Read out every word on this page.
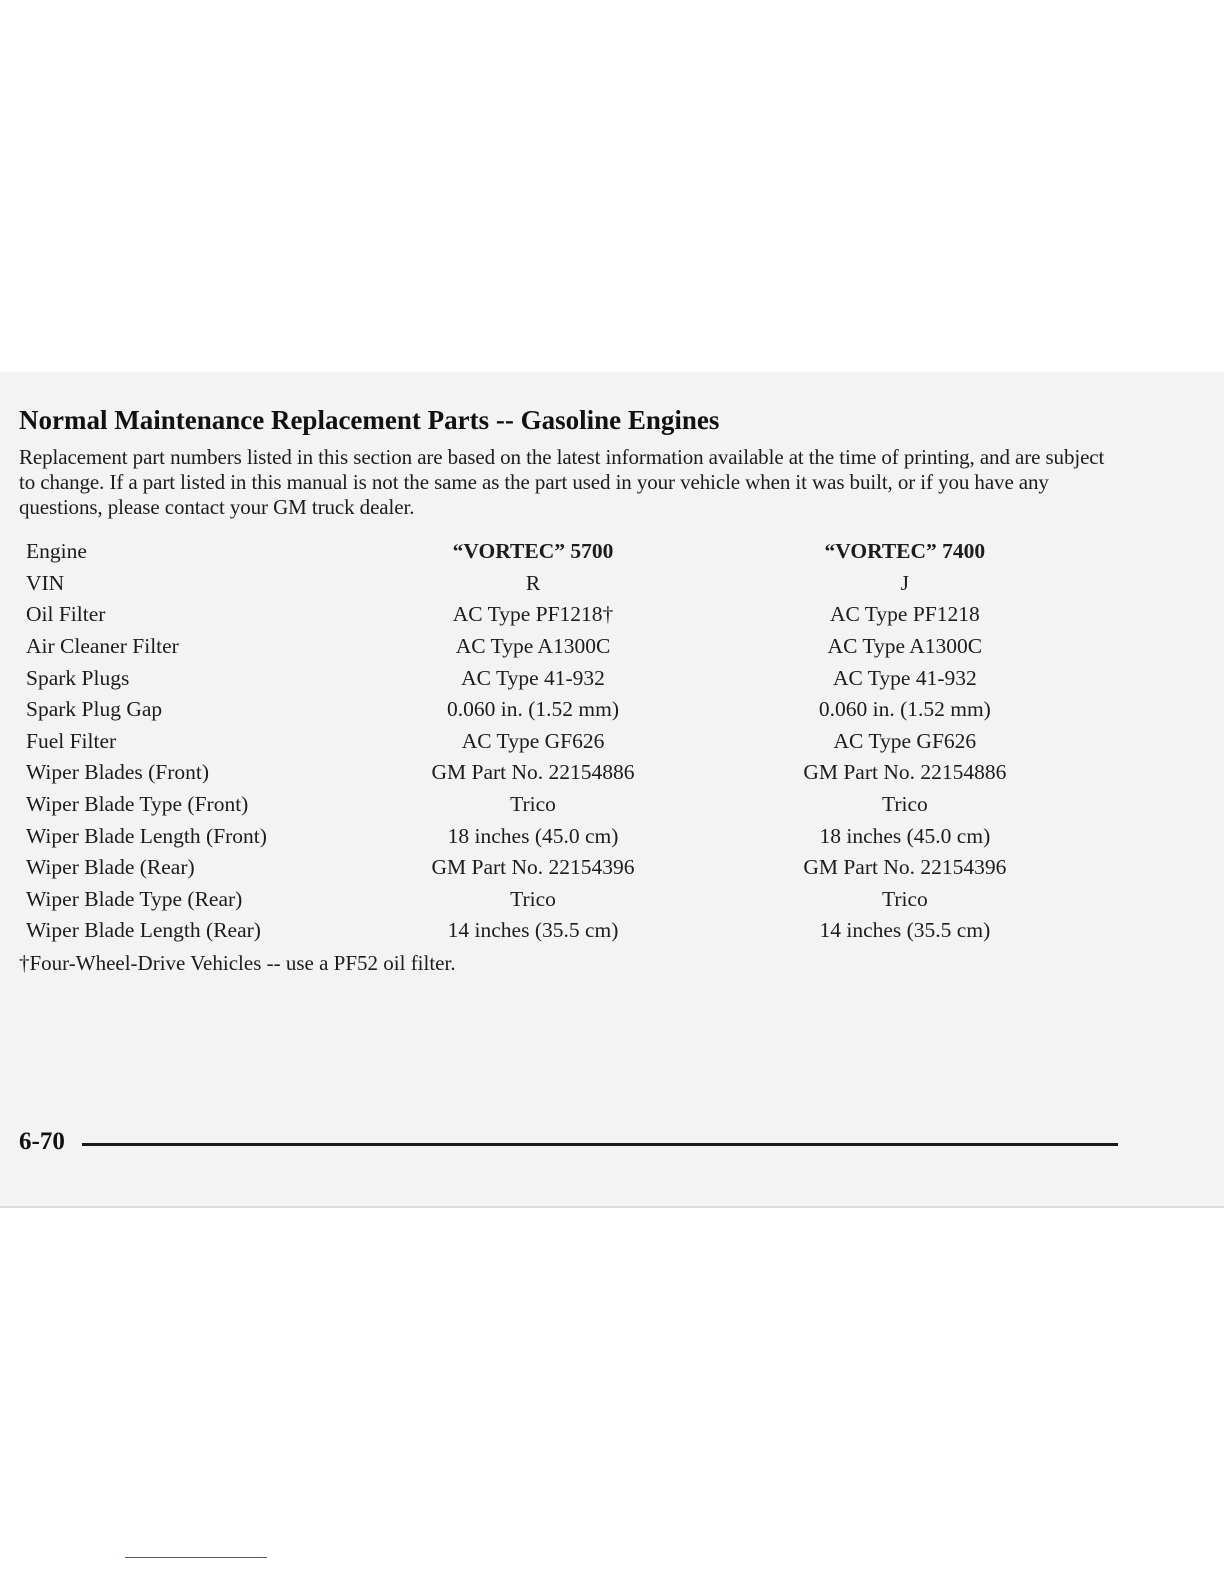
Normal Maintenance Replacement Parts -- Gasoline Engines

Replacement part numbers listed in this section are based on the latest information available at the time of printing, and are subject to change. If a part listed in this manual is not the same as the part used in your vehicle when it was built, or if you have any questions, please contact your GM truck dealer.

Engine	“VORTEC” 5700	“VORTEC” 7400
VIN	R	J
Oil Filter	AC Type PF1218†	AC Type PF1218
Air Cleaner Filter	AC Type A1300C	AC Type A1300C
Spark Plugs	AC Type 41-932	AC Type 41-932
Spark Plug Gap	0.060 in. (1.52 mm)	0.060 in. (1.52 mm)
Fuel Filter	AC Type GF626	AC Type GF626
Wiper Blades (Front)	GM Part No. 22154886	GM Part No. 22154886
Wiper Blade Type (Front)	Trico	Trico
Wiper Blade Length (Front)	18 inches (45.0 cm)	18 inches (45.0 cm)
Wiper Blade (Rear)	GM Part No. 22154396	GM Part No. 22154396
Wiper Blade Type (Rear)	Trico	Trico
Wiper Blade Length (Rear)	14 inches (35.5 cm)	14 inches (35.5 cm)

†Four-Wheel-Drive Vehicles -- use a PF52 oil filter.

6-70
